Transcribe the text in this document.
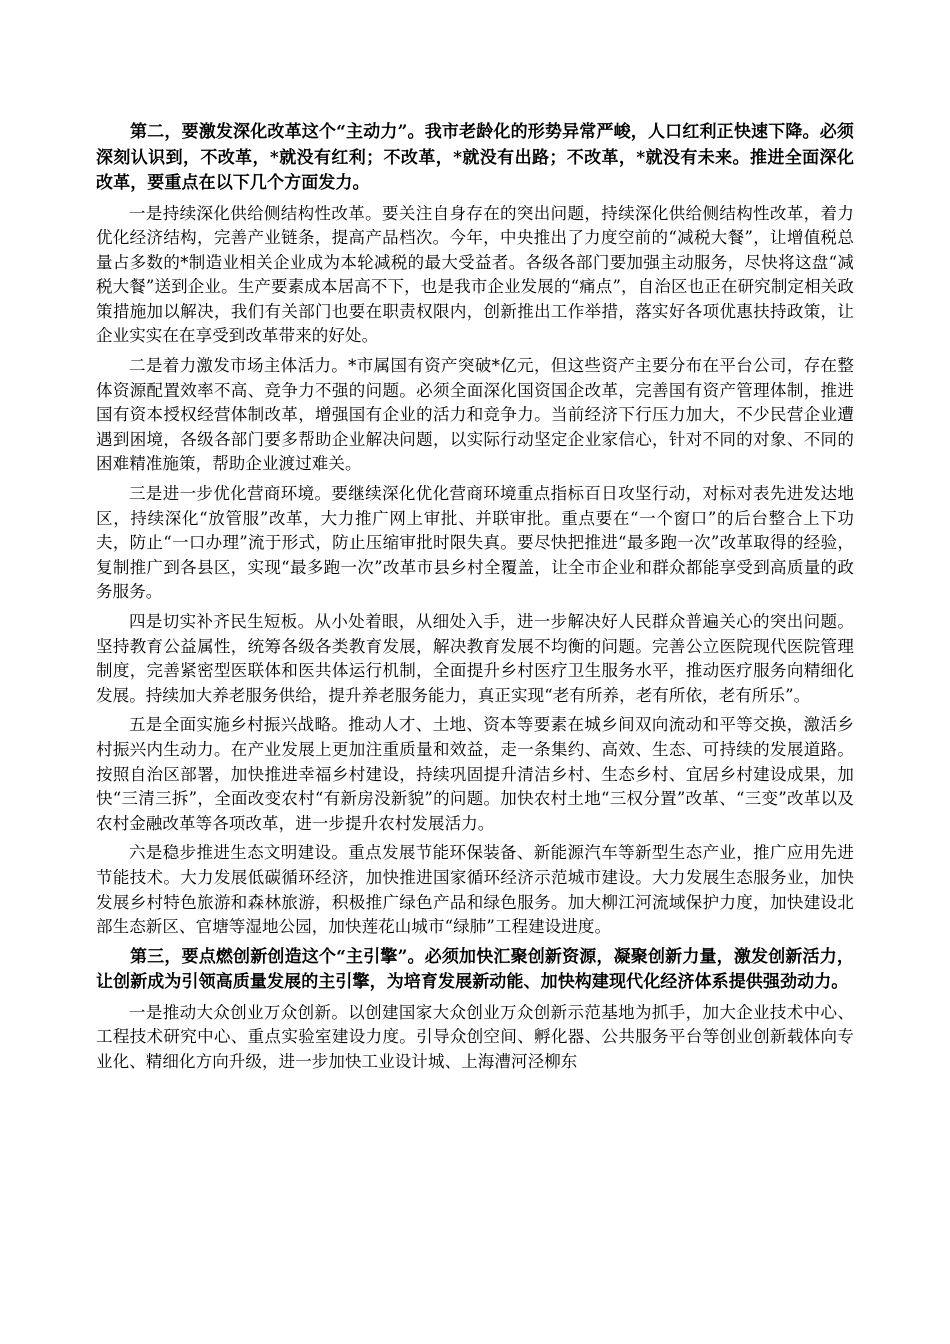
第二，要激发深化改革这个“主动力”。我市老龄化的形势异常严峻，人口红利正快速下降。必须深刻认识到，不改革，*就没有红利；不改革，*就没有出路；不改革，*就没有未来。推进全面深化改革，要重点在以下几个方面发力。

一是持续深化供给侧结构性改革。要关注自身存在的突出问题，持续深化供给侧结构性改革，着力优化经济结构，完善产业链条，提高产品档次。今年，中央推出了力度空前的“减税大餐”，让增值税总量占多数的*制造业相关企业成为本轮减税的最大受益者。各级各部门要加强主动服务，尽快将这盘“减税大餐”送到企业。生产要素成本居高不下，也是我市企业发展的“痛点”，自治区也正在研究制定相关政策措施加以解决，我们有关部门也要在职责权限内，创新推出工作举措，落实好各项优惠扶持政策，让企业实实在在享受到改革带来的好处。

二是着力激发市场主体活力。*市属国有资产突破*亿元，但这些资产主要分布在平台公司，存在整体资源配置效率不高、竞争力不强的问题。必须全面深化国资国企改革，完善国有资产管理体制，推进国有资本授权经营体制改革，增强国有企业的活力和竞争力。当前经济下行压力加大，不少民营企业遭遇到困境，各级各部门要多帮助企业解决问题，以实际行动坚定企业家信心，针对不同的对象、不同的困难精准施策，帮助企业渡过难关。

三是进一步优化营商环境。要继续深化优化营商环境重点指标百日攻坚行动，对标对表先进发达地区，持续深化“放管服”改革，大力推广网上审批、并联审批。重点要在“一个窗口”的后台整合上下功夫，防止“一口办理”流于形式，防止压缩审批时限失真。要尽快把推进“最多跑一次”改革取得的经验，复制推广到各县区，实现“最多跑一次”改革市县乡村全覆盖，让全市企业和群众都能享受到高质量的政务服务。

四是切实补齐民生短板。从小处着眼，从细处入手，进一步解决好人民群众普遍关心的突出问题。坚持教育公益属性，统筹各级各类教育发展，解决教育发展不均衡的问题。完善公立医院现代医院管理制度，完善紧密型医联体和医共体运行机制，全面提升乡村医疗卫生服务水平，推动医疗服务向精细化发展。持续加大养老服务供给，提升养老服务能力，真正实现“老有所养，老有所依，老有所乐”。

五是全面实施乡村振兴战略。推动人才、土地、资本等要素在城乡间双向流动和平等交换，激活乡村振兴内生动力。在产业发展上更加注重质量和效益，走一条集约、高效、生态、可持续的发展道路。按照自治区部署，加快推进幸福乡村建设，持续巩固提升清洁乡村、生态乡村、宜居乡村建设成果，加快“三清三拆”，全面改变农村“有新房没新貌”的问题。加快农村土地“三权分置”改革、“三变”改革以及农村金融改革等各项改革，进一步提升农村发展活力。

六是稳步推进生态文明建设。重点发展节能环保装备、新能源汽车等新型生态产业，推广应用先进节能技术。大力发展低碳循环经济，加快推进国家循环经济示范城市建设。大力发展生态服务业，加快发展乡村特色旅游和森林旅游，积极推广绿色产品和绿色服务。加大柳江河流域保护力度，加快建设北部生态新区、官塘等湿地公园，加快莲花山城市“绿肺”工程建设进度。

第三，要点燃创新创造这个“主引擎”。必须加快汇聚创新资源，凝聚创新力量，激发创新活力，让创新成为引领高质量发展的主引擎，为培育发展新动能、加快构建现代化经济体系提供强劲动力。

一是推动大众创业万众创新。以创建国家大众创业万众创新示范基地为抓手，加大企业技术中心、工程技术研究中心、重点实验室建设力度。引导众创空间、孵化器、公共服务平台等创业创新载体向专业化、精细化方向升级，进一步加快工业设计城、上海漕河泾柳东
